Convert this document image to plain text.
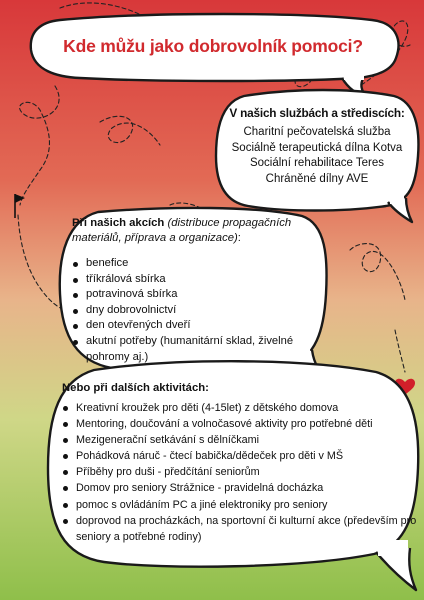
Kde můžu jako dobrovolník pomoci?
V našich službách a střediscích:
Charitní pečovatelská služba
Sociálně terapeutická dílna Kotva
Sociální rehabilitace Teres
Chráněné dílny AVE
Při našich akcích (distribuce propagačních materiálů, příprava a organizace):
benefice
tříkrálová sbírka
potravinová sbírka
dny dobrovolnictví
den otevřených dveří
akutní potřeby (humanitární sklad, živelné pohromy aj.)
Nebo při dalších aktivitách:
Kreativní kroužek pro děti (4-15let) z dětského domova
Mentoring, doučování a volnočasové aktivity pro potřebné děti
Mezigenerační setkávání s dělníčkami
Pohádková náruč - čtecí babička/dědeček pro děti v MŠ
Příběhy pro duši - předčítání seniorům
Domov pro seniory Strážnice - pravidelná docházka
pomoc s ovládáním PC a jiné elektroniky pro seniory
doprovod na procházkách, na sportovní či kulturní akce (především pro seniory a potřebné rodiny)
